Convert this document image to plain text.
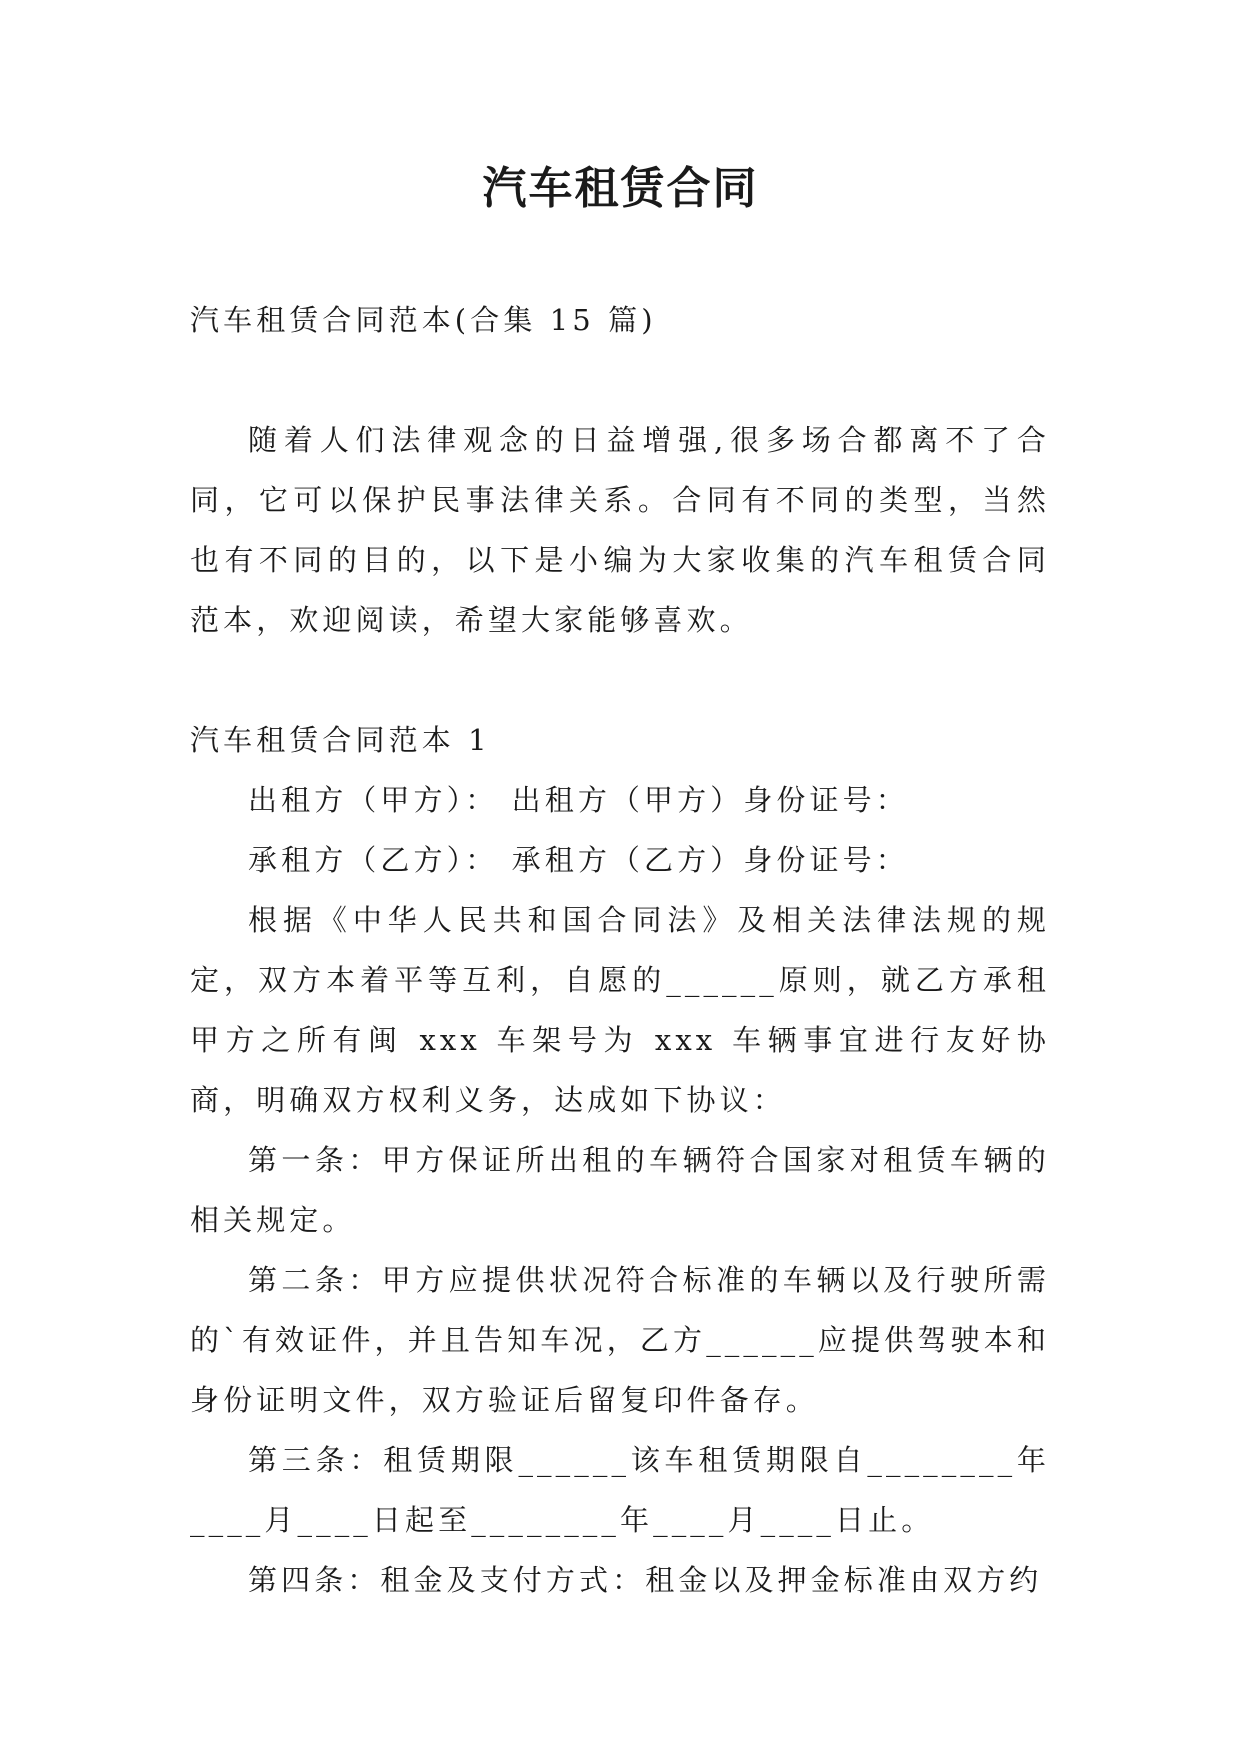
汽车租赁合同

汽车租赁合同范本(合集 15 篇)

随着人们法律观念的日益增强,很多场合都离不了合同，它可以保护民事法律关系。合同有不同的类型，当然也有不同的目的，以下是小编为大家收集的汽车租赁合同范本，欢迎阅读，希望大家能够喜欢。

汽车租赁合同范本 1

出租方（甲方）： 出租方（甲方）身份证号：

承租方（乙方）： 承租方（乙方）身份证号：

根据《中华人民共和国合同法》及相关法律法规的规定，双方本着平等互利，自愿的______原则，就乙方承租甲方之所有闽 xxx 车架号为 xxx 车辆事宜进行友好协商，明确双方权利义务，达成如下协议：

第一条：甲方保证所出租的车辆符合国家对租赁车辆的相关规定。

第二条：甲方应提供状况符合标准的车辆以及行驶所需的`有效证件，并且告知车况，乙方______应提供驾驶本和身份证明文件，双方验证后留复印件备存。

第三条：租赁期限______该车租赁期限自________年____月____日起至________年____月____日止。

第四条：租金及支付方式：租金以及押金标准由双方约
